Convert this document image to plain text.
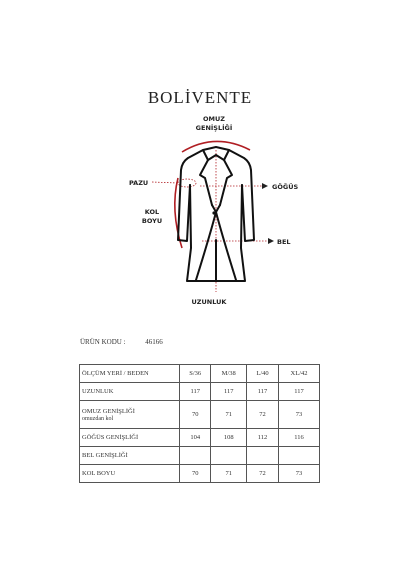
BOLİVENTE
OMUZ
GENİŞLİĞİ
PAZU	GÖĞÜS
KOL
BOYU
BEL
UZUNLUK
ÜRÜN KODU :	46166
ÖLÇÜM YERİ / BEDEN	S/36	M/38	L/40	XL/42
UZUNLUK	117	117	117	117
OMUZ GENİŞLİĞİ
omuzdan kol	70	71	72	73
GÖĞÜS GENİŞLİĞİ	104	108	112	116
BEL GENİŞLİĞİ				
KOL BOYU	70	71	72	73
